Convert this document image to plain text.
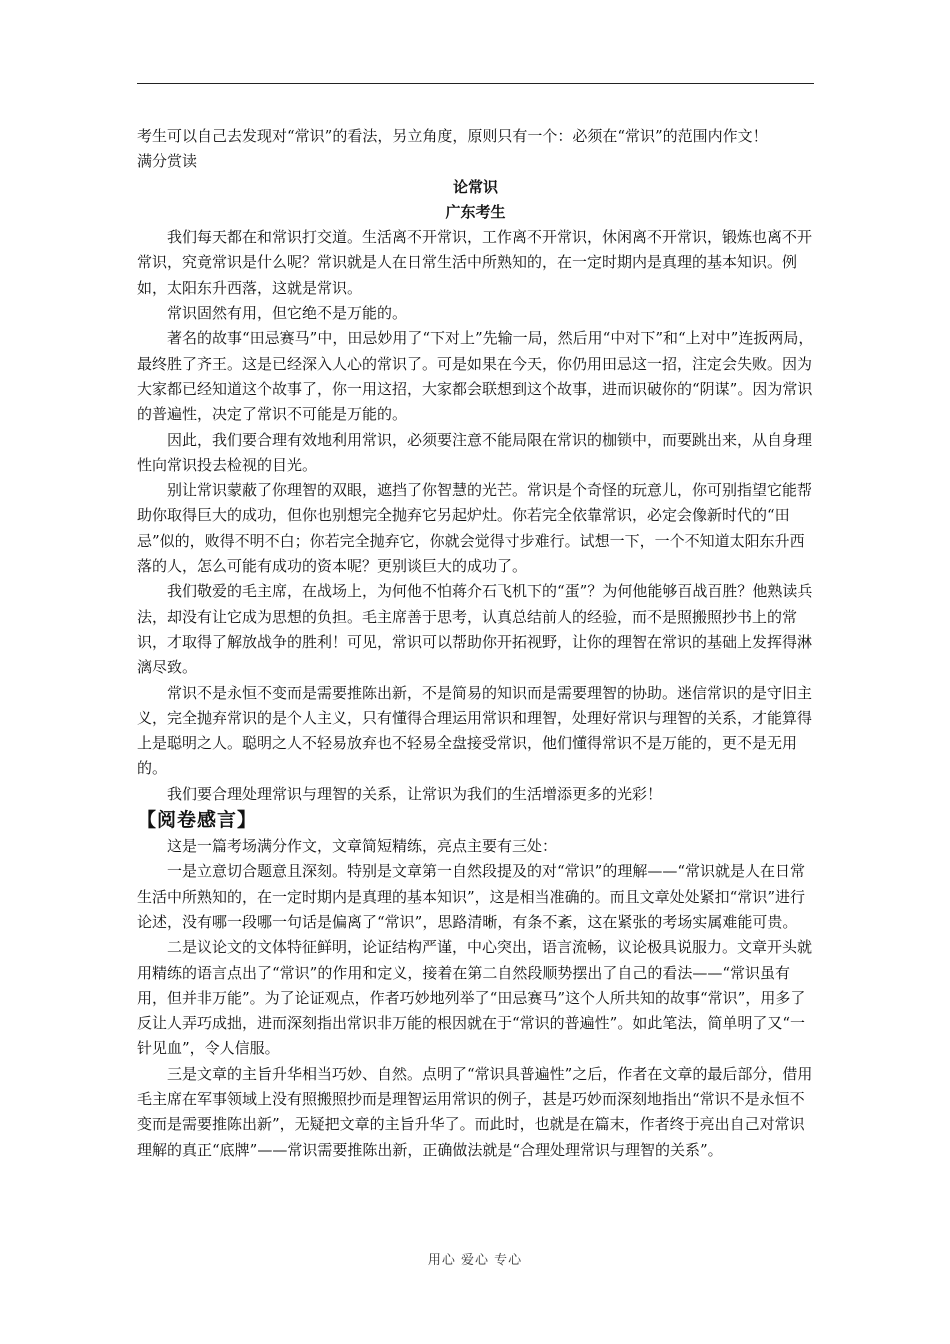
考生可以自己去发现对“常识”的看法，另立角度，原则只有一个：必须在“常识”的范围内作文！

满分赏读

论常识

广东考生

我们每天都在和常识打交道。生活离不开常识，工作离不开常识，休闲离不开常识，锻炼也离不开常识，究竟常识是什么呢？常识就是人在日常生活中所熟知的，在一定时期内是真理的基本知识。例如，太阳东升西落，这就是常识。

常识固然有用，但它绝不是万能的。

著名的故事“田忌赛马”中，田忌妙用了“下对上”先输一局，然后用“中对下”和“上对中”连扳两局，最终胜了齐王。这是已经深入人心的常识了。可是如果在今天，你仍用田忌这一招，注定会失败。因为大家都已经知道这个故事了，你一用这招，大家都会联想到这个故事，进而识破你的“阴谋”。因为常识的普遍性，决定了常识不可能是万能的。

因此，我们要合理有效地利用常识，必须要注意不能局限在常识的枷锁中，而要跳出来，从自身理性向常识投去检视的目光。

别让常识蒙蔽了你理智的双眼，遮挡了你智慧的光芒。常识是个奇怪的玩意儿，你可别指望它能帮助你取得巨大的成功，但你也别想完全抛弃它另起炉灶。你若完全依靠常识，必定会像新时代的“田忌”似的，败得不明不白；你若完全抛弃它，你就会觉得寸步难行。试想一下，一个不知道太阳东升西落的人，怎么可能有成功的资本呢？更别谈巨大的成功了。

我们敬爱的毛主席，在战场上，为何他不怕蒋介石飞机下的“蛋”？为何他能够百战百胜？他熟读兵法，却没有让它成为思想的负担。毛主席善于思考，认真总结前人的经验，而不是照搬照抄书上的常识，才取得了解放战争的胜利！可见，常识可以帮助你开拓视野，让你的理智在常识的基础上发挥得淋漓尽致。

常识不是永恒不变而是需要推陈出新，不是简易的知识而是需要理智的协助。迷信常识的是守旧主义，完全抛弃常识的是个人主义，只有懂得合理运用常识和理智，处理好常识与理智的关系，才能算得上是聪明之人。聪明之人不轻易放弃也不轻易全盘接受常识，他们懂得常识不是万能的，更不是无用的。

我们要合理处理常识与理智的关系，让常识为我们的生活增添更多的光彩！

【阅卷感言】

这是一篇考场满分作文，文章简短精练，亮点主要有三处：

一是立意切合题意且深刻。特别是文章第一自然段提及的对“常识”的理解——“常识就是人在日常生活中所熟知的，在一定时期内是真理的基本知识”，这是相当准确的。而且文章处处紧扣“常识”进行论述，没有哪一段哪一句话是偏离了“常识”，思路清晰，有条不紊，这在紧张的考场实属难能可贵。

二是议论文的文体特征鲜明，论证结构严谨，中心突出，语言流畅，议论极具说服力。文章开头就用精练的语言点出了“常识”的作用和定义，接着在第二自然段顺势摆出了自己的看法——“常识虽有用，但并非万能”。为了论证观点，作者巧妙地列举了“田忌赛马”这个人所共知的故事“常识”，用多了反让人弄巧成拙，进而深刻指出常识非万能的根因就在于“常识的普遍性”。如此笔法，简单明了又“一针见血”，令人信服。

三是文章的主旨升华相当巧妙、自然。点明了“常识具普遍性”之后，作者在文章的最后部分，借用毛主席在军事领域上没有照搬照抄而是理智运用常识的例子，甚是巧妙而深刻地指出“常识不是永恒不变而是需要推陈出新”，无疑把文章的主旨升华了。而此时，也就是在篇末，作者终于亮出自己对常识理解的真正“底牌”——常识需要推陈出新，正确做法就是“合理处理常识与理智的关系”。

用心 爱心 专心
